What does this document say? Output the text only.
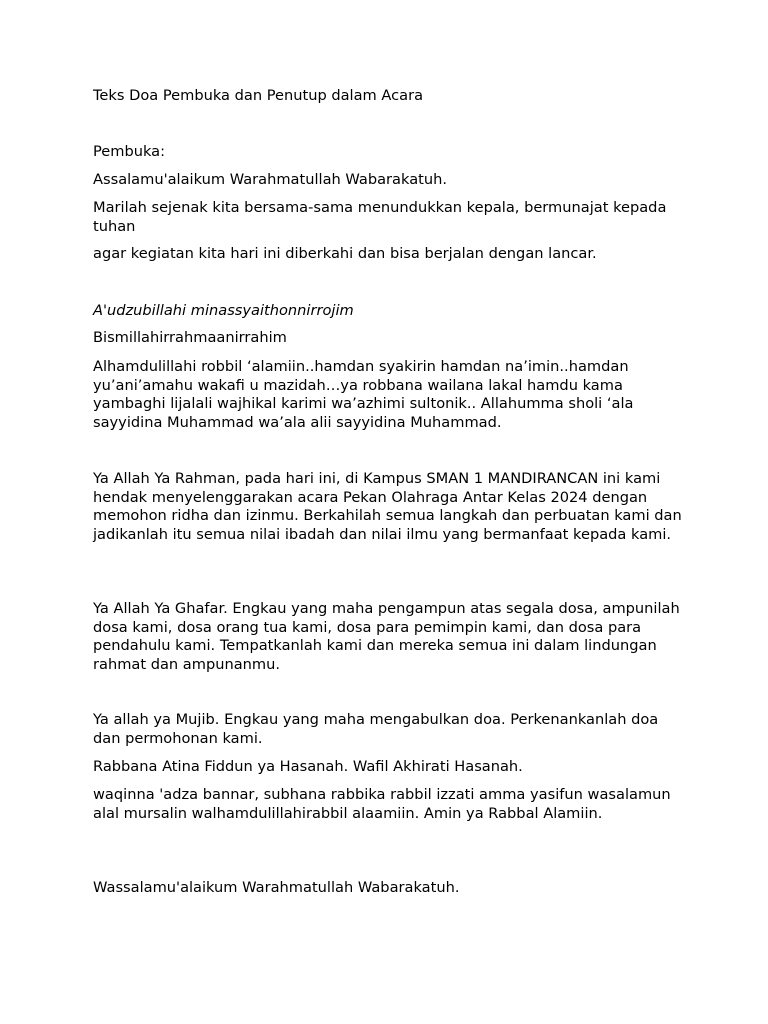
Teks Doa Pembuka dan Penutup dalam Acara

Pembuka:

Assalamu'alaikum Warahmatullah Wabarakatuh.

Marilah sejenak kita bersama-sama menundukkan kepala, bermunajat kepada tuhan

agar kegiatan kita hari ini diberkahi dan bisa berjalan dengan lancar.

A'udzubillahi minassyaithonnirrojim

Bismillahirrahmaanirrahim

Alhamdulillahi robbil ‘alamiin..hamdan syakirin hamdan na’imin..hamdan yu’ani’amahu wakafi u mazidah…ya robbana wailana lakal hamdu kama yambaghi lijalali wajhikal karimi wa’azhimi sultonik.. Allahumma sholi ‘ala sayyidina Muhammad wa’ala alii sayyidina Muhammad.

Ya Allah Ya Rahman, pada hari ini, di Kampus SMAN 1 MANDIRANCAN ini kami hendak menyelenggarakan acara Pekan Olahraga Antar Kelas 2024 dengan memohon ridha dan izinmu. Berkahilah semua langkah dan perbuatan kami dan jadikanlah itu semua nilai ibadah dan nilai ilmu yang bermanfaat kepada kami.

Ya Allah Ya Ghafar. Engkau yang maha pengampun atas segala dosa, ampunilah dosa kami, dosa orang tua kami, dosa para pemimpin kami, dan dosa para pendahulu kami. Tempatkanlah kami dan mereka semua ini dalam lindungan rahmat dan ampunanmu.

Ya allah ya Mujib. Engkau yang maha mengabulkan doa. Perkenankanlah doa dan permohonan kami.

Rabbana Atina Fiddun ya Hasanah. Wafil Akhirati Hasanah.

waqinna 'adza bannar, subhana rabbika rabbil izzati amma yasifun wasalamun alal mursalin walhamdulillahirabbil alaamiin. Amin ya Rabbal Alamiin.

Wassalamu'alaikum Warahmatullah Wabarakatuh.
